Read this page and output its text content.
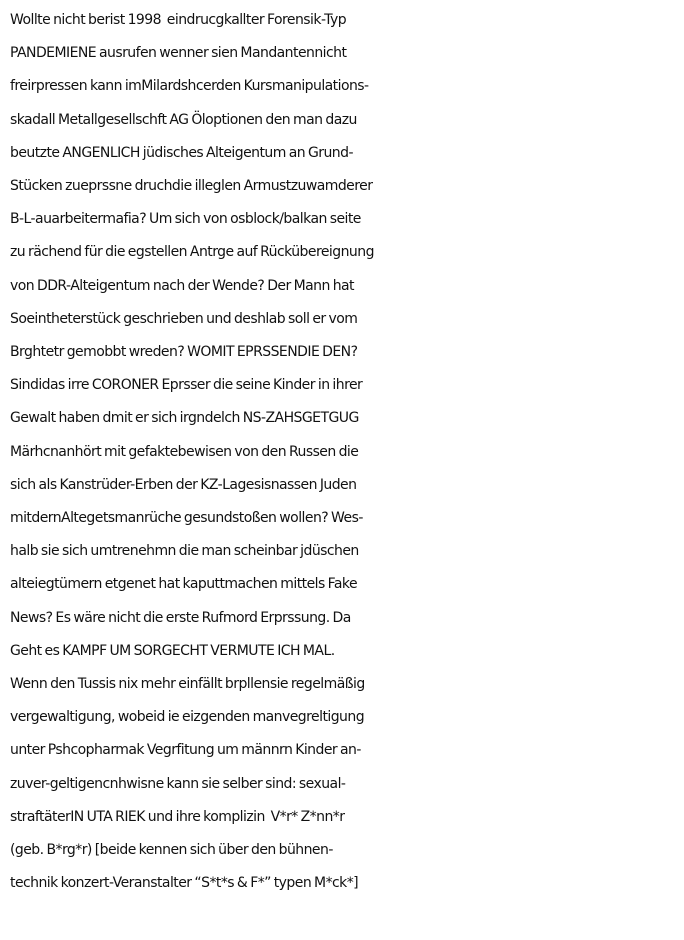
Wollte nicht berist 1998  eindrucgkallter Forensik-Typ
PANDEMIENE ausrufen wenner sien Mandantennicht
freirpressen kann imMilardshcerden Kursmanipulations-
skadall Metallgesellschft AG Öloptionen den man dazu
beutzte ANGENLICH jüdisches Alteigentum an Grund-
Stücken zueprssne druchdie illeglen Armustzuwamderer
B-L-auarbeitermafia? Um sich von osblock/balkan seite
zu rächend für die egstellen Antrge auf Rückübereignung
von DDR-Alteigentum nach der Wende? Der Mann hat
Soeintheterstück geschrieben und deshlab soll er vom
Brghtetr gemobbt wreden? WOMIT EPRSSENDIE DEN?
Sindidas irre CORONER Eprsser die seine Kinder in ihrer
Gewalt haben dmit er sich irgndelch NS-ZAHSGETGUG
Märhcnanhört mit gefaktebewisen von den Russen die
sich als Kanstrüder-Erben der KZ-Lagesisnassen Juden
mitdernAltegetsmanrüche gesundstoßen wollen? Wes-
halb sie sich umtrenehmn die man scheinbar jdüschen
alteiegtümern etgenet hat kaputtmachen mittels Fake
News? Es wäre nicht die erste Rufmord Erprssung. Da
Geht es KAMPF UM SORGECHT VERMUTE ICH MAL.
Wenn den Tussis nix mehr einfällt brpllensie regelmäßig
vergewaltigung, wobeid ie eizgenden manvegreltigung
unter Pshcopharmak Vegrfitung um männrn Kinder an-
zuver-geltigencnhwisne kann sie selber sind: sexual-
straftäterIN UTA RIEK und ihre komplizin  V*r* Z*nn*r
(geb. B*rg*r) [beide kennen sich über den bühnen-
technik konzert-Veranstalter “S*t*s & F*” typen M*ck*]
